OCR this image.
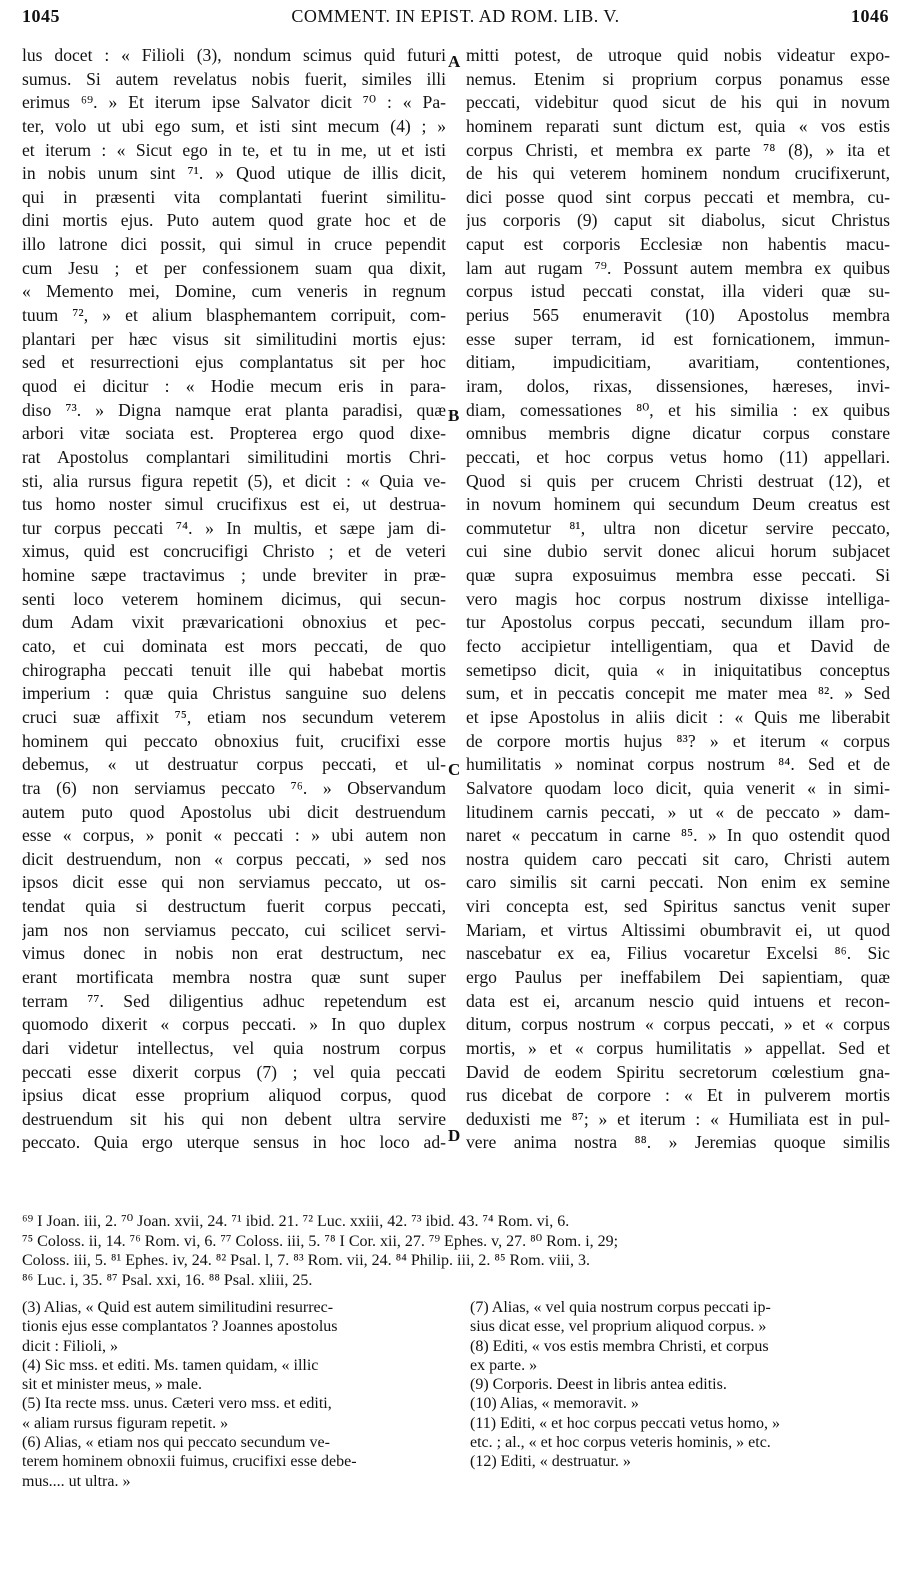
1045	COMMENT. IN EPIST. AD ROM. LIB. V.	1046
lus docet : « Filioli (3), nondum scimus quid futuri
sumus. Si autem revelatus nobis fuerit, similes illi
erimus ⁶⁹. » Et iterum ipse Salvator dicit ⁷⁰ : « Pa-
ter, volo ut ubi ego sum, et isti sint mecum (4) ; »
et iterum : « Sicut ego in te, et tu in me, ut et isti
in nobis unum sint ⁷¹. » Quod utique de illis dicit,
qui in præsenti vita complantati fuerint similitu-
dini mortis ejus. Puto autem quod grate hoc et de
illo latrone dici possit, qui simul in cruce pependit
cum Jesu ; et per confessionem suam qua dixit,
« Memento mei, Domine, cum veneris in regnum
tuum ⁷², » et alium blasphemantem corripuit, com-
plantari per hæc visus sit similitudini mortis ejus:
sed et resurrectioni ejus complantatus sit per hoc
quod ei dicitur : « Hodie mecum eris in para-
diso ⁷³. » Digna namque erat planta paradisi, quæ
arbori vitæ sociata est. Propterea ergo quod dixe-
rat Apostolus complantari similitudini mortis Chri-
sti, alia rursus figura repetit (5), et dicit : « Quia ve-
tus homo noster simul crucifixus est ei, ut destrua-
tur corpus peccati ⁷⁴. » In multis, et sæpe jam di-
ximus, quid est concrucifigi Christo ; et de veteri
homine sæpe tractavimus ; unde breviter in præ-
senti loco veterem hominem dicimus, qui secun-
dum Adam vixit prævaricationi obnoxius et pec-
cato, et cui dominata est mors peccati, de quo
chirographa peccati tenuit ille qui habebat mortis
imperium : quæ quia Christus sanguine suo delens
cruci suæ affixit ⁷⁵, etiam nos secundum veterem
hominem qui peccato obnoxius fuit, crucifixi esse
debemus, « ut destruatur corpus peccati, et ul-
tra (6) non serviamus peccato ⁷⁶. » Observandum
autem puto quod Apostolus ubi dicit destruendum
esse « corpus, » ponit « peccati : » ubi autem non
dicit destruendum, non « corpus peccati, » sed nos
ipsos dicit esse qui non serviamus peccato, ut os-
tendat quia si destructum fuerit corpus peccati,
jam nos non serviamus peccato, cui scilicet servi-
vimus donec in nobis non erat destructum, nec
erant mortificata membra nostra quæ sunt super
terram ⁷⁷. Sed diligentius adhuc repetendum est
quomodo dixerit « corpus peccati. » In quo duplex
dari videtur intellectus, vel quia nostrum corpus
peccati esse dixerit corpus (7) ; vel quia peccati
ipsius dicat esse proprium aliquod corpus, quod
destruendum sit his qui non debent ultra servire
peccato. Quia ergo uterque sensus in hoc loco ad-
mitti potest, de utroque quid nobis videatur expo-
nemus. Etenim si proprium corpus ponamus esse
peccati, videbitur quod sicut de his qui in novum
hominem reparati sunt dictum est, quia « vos estis
corpus Christi, et membra ex parte ⁷⁸ (8), » ita et
de his qui veterem hominem nondum crucifixerunt,
dici posse quod sint corpus peccati et membra, cu-
jus corporis (9) caput sit diabolus, sicut Christus
caput est corporis Ecclesiæ non habentis macu-
lam aut rugam ⁷⁹. Possunt autem membra ex quibus
corpus istud peccati constat, illa videri quæ su-
perius 565 enumeravit (10) Apostolus membra
esse super terram, id est fornicationem, immun-
ditiam, impudicitiam, avaritiam, contentiones,
iram, dolos, rixas, dissensiones, hæreses, invi-
diam, comessationes ⁸⁰, et his similia : ex quibus
omnibus membris digne dicatur corpus constare
peccati, et hoc corpus vetus homo (11) appellari.
Quod si quis per crucem Christi destruat (12), et
in novum hominem qui secundum Deum creatus est
commutetur ⁸¹, ultra non dicetur servire peccato,
cui sine dubio servit donec alicui horum subjacet
quæ supra exposuimus membra esse peccati. Si
vero magis hoc corpus nostrum dixisse intelliga-
tur Apostolus corpus peccati, secundum illam pro-
fecto accipietur intelligentiam, qua et David de
semetipso dicit, quia « in iniquitatibus conceptus
sum, et in peccatis concepit me mater mea ⁸². » Sed
et ipse Apostolus in aliis dicit : « Quis me liberabit
de corpore mortis hujus ⁸³? » et iterum « corpus
humilitatis » nominat corpus nostrum ⁸⁴. Sed et de
Salvatore quodam loco dicit, quia venerit « in simi-
litudinem carnis peccati, » ut « de peccato » dam-
naret « peccatum in carne ⁸⁵. » In quo ostendit quod
nostra quidem caro peccati sit caro, Christi autem
caro similis sit carni peccati. Non enim ex semine
viri concepta est, sed Spiritus sanctus venit super
Mariam, et virtus Altissimi obumbravit ei, ut quod
nascebatur ex ea, Filius vocaretur Excelsi ⁸⁶. Sic
ergo Paulus per ineffabilem Dei sapientiam, quæ
data est ei, arcanum nescio quid intuens et recon-
ditum, corpus nostrum « corpus peccati, » et « corpus
mortis, » et « corpus humilitatis » appellat. Sed et
David de eodem Spiritu secretorum cœlestium gna-
rus dicebat de corpore : « Et in pulverem mortis
deduxisti me ⁸⁷; » et iterum : « Humiliata est in pul-
vere anima nostra ⁸⁸. » Jeremias quoque similis
A
B
C
D
⁶⁹ I Joan. iii, 2. ⁷⁰ Joan. xvii, 24. ⁷¹ ibid. 21. ⁷² Luc. xxiii, 42. ⁷³ ibid. 43. ⁷⁴ Rom. vi, 6.
⁷⁵ Coloss. ii, 14. ⁷⁶ Rom. vi, 6. ⁷⁷ Coloss. iii, 5. ⁷⁸ I Cor. xii, 27. ⁷⁹ Ephes. v, 27. ⁸⁰ Rom. i, 29;
Coloss. iii, 5. ⁸¹ Ephes. iv, 24. ⁸² Psal. l, 7. ⁸³ Rom. vii, 24. ⁸⁴ Philip. iii, 2. ⁸⁵ Rom. viii, 3.
⁸⁶ Luc. i, 35. ⁸⁷ Psal. xxi, 16. ⁸⁸ Psal. xliii, 25.
(3) Alias, « Quid est autem similitudini resurrec-
tionis ejus esse complantatos ? Joannes apostolus
dicit : Filioli, »
(4) Sic mss. et editi. Ms. tamen quidam, « illic
sit et minister meus, » male.
(5) Ita recte mss. unus. Cæteri vero mss. et editi,
« aliam rursus figuram repetit. »
(6) Alias, « etiam nos qui peccato secundum ve-
terem hominem obnoxii fuimus, crucifixi esse debe-
mus.... ut ultra. »
(7) Alias, « vel quia nostrum corpus peccati ip-
sius dicat esse, vel proprium aliquod corpus. »
(8) Editi, « vos estis membra Christi, et corpus
ex parte. »
(9) Corporis. Deest in libris antea editis.
(10) Alias, « memoravit. »
(11) Editi, « et hoc corpus peccati vetus homo, »
etc. ; al., « et hoc corpus veteris hominis, » etc.
(12) Editi, « destruatur. »
